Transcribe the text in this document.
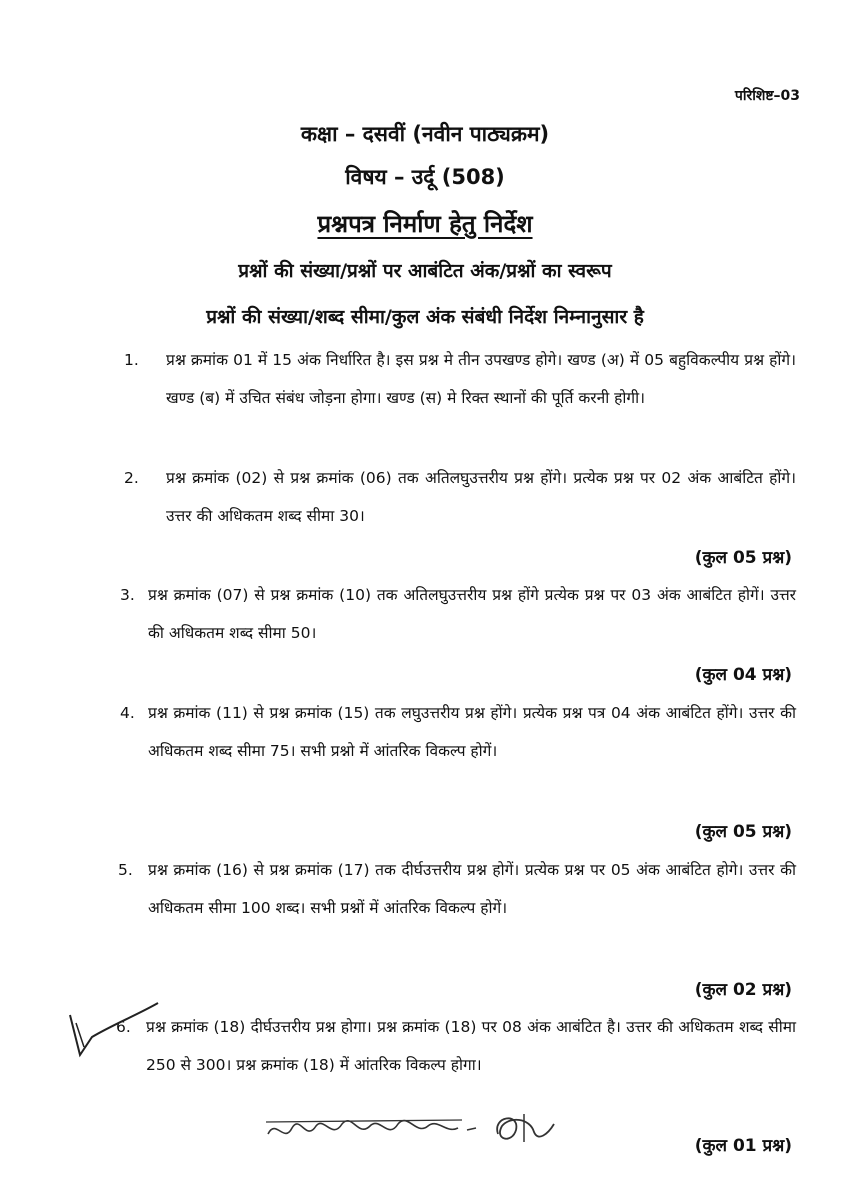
परिशिष्ट–03
कक्षा – दसवीं (नवीन पाठ्यक्रम)
विषय – उर्दू (508)
प्रश्नपत्र निर्माण हेतु निर्देश
प्रश्नों की संख्या/प्रश्नों पर आबंटित अंक/प्रश्नों का स्वरूप
प्रश्नों की संख्या/शब्द सीमा/कुल अंक संबंधी निर्देश निम्नानुसार है
1. प्रश्न क्रमांक 01 में 15 अंक निर्धारित है। इस प्रश्न मे तीन उपखण्ड होगे। खण्ड (अ) में 05 बहुविकल्पीय प्रश्न होंगे। खण्ड (ब) में उचित संबंध जोड़ना होगा। खण्ड (स) मे रिक्त स्थानों की पूर्ति करनी होगी।
2. प्रश्न क्रमांक (02) से प्रश्न क्रमांक (06) तक अतिलघुउत्तरीय प्रश्न होंगे। प्रत्येक प्रश्न पर 02 अंक आबंटित होंगे। उत्तर की अधिकतम शब्द सीमा 30।
(कुल 05 प्रश्न)
3. प्रश्न क्रमांक (07) से प्रश्न क्रमांक (10) तक अतिलघुउत्तरीय प्रश्न होंगे प्रत्येक प्रश्न पर 03 अंक आबंटित होगें। उत्तर की अधिकतम शब्द सीमा 50।
(कुल 04 प्रश्न)
4. प्रश्न क्रमांक (11) से प्रश्न क्रमांक (15) तक लघुउत्तरीय प्रश्न होंगे। प्रत्येक प्रश्न पत्र 04 अंक आबंटित होंगे। उत्तर की अधिकतम शब्द सीमा 75। सभी प्रश्नो में आंतरिक विकल्प होगें।
(कुल 05 प्रश्न)
5. प्रश्न क्रमांक (16) से प्रश्न क्रमांक (17) तक दीर्घउत्तरीय प्रश्न होगें। प्रत्येक प्रश्न पर 05 अंक आबंटित होगे। उत्तर की अधिकतम सीमा 100 शब्द। सभी प्रश्नों में आंतरिक विकल्प होगें।
(कुल 02 प्रश्न)
6. प्रश्न क्रमांक (18) दीर्घउत्तरीय प्रश्न होगा। प्रश्न क्रमांक (18) पर 08 अंक आबंटित है। उत्तर की अधिकतम शब्द सीमा 250 से 300। प्रश्न क्रमांक (18) में आंतरिक विकल्प होगा।
(कुल 01 प्रश्न)
